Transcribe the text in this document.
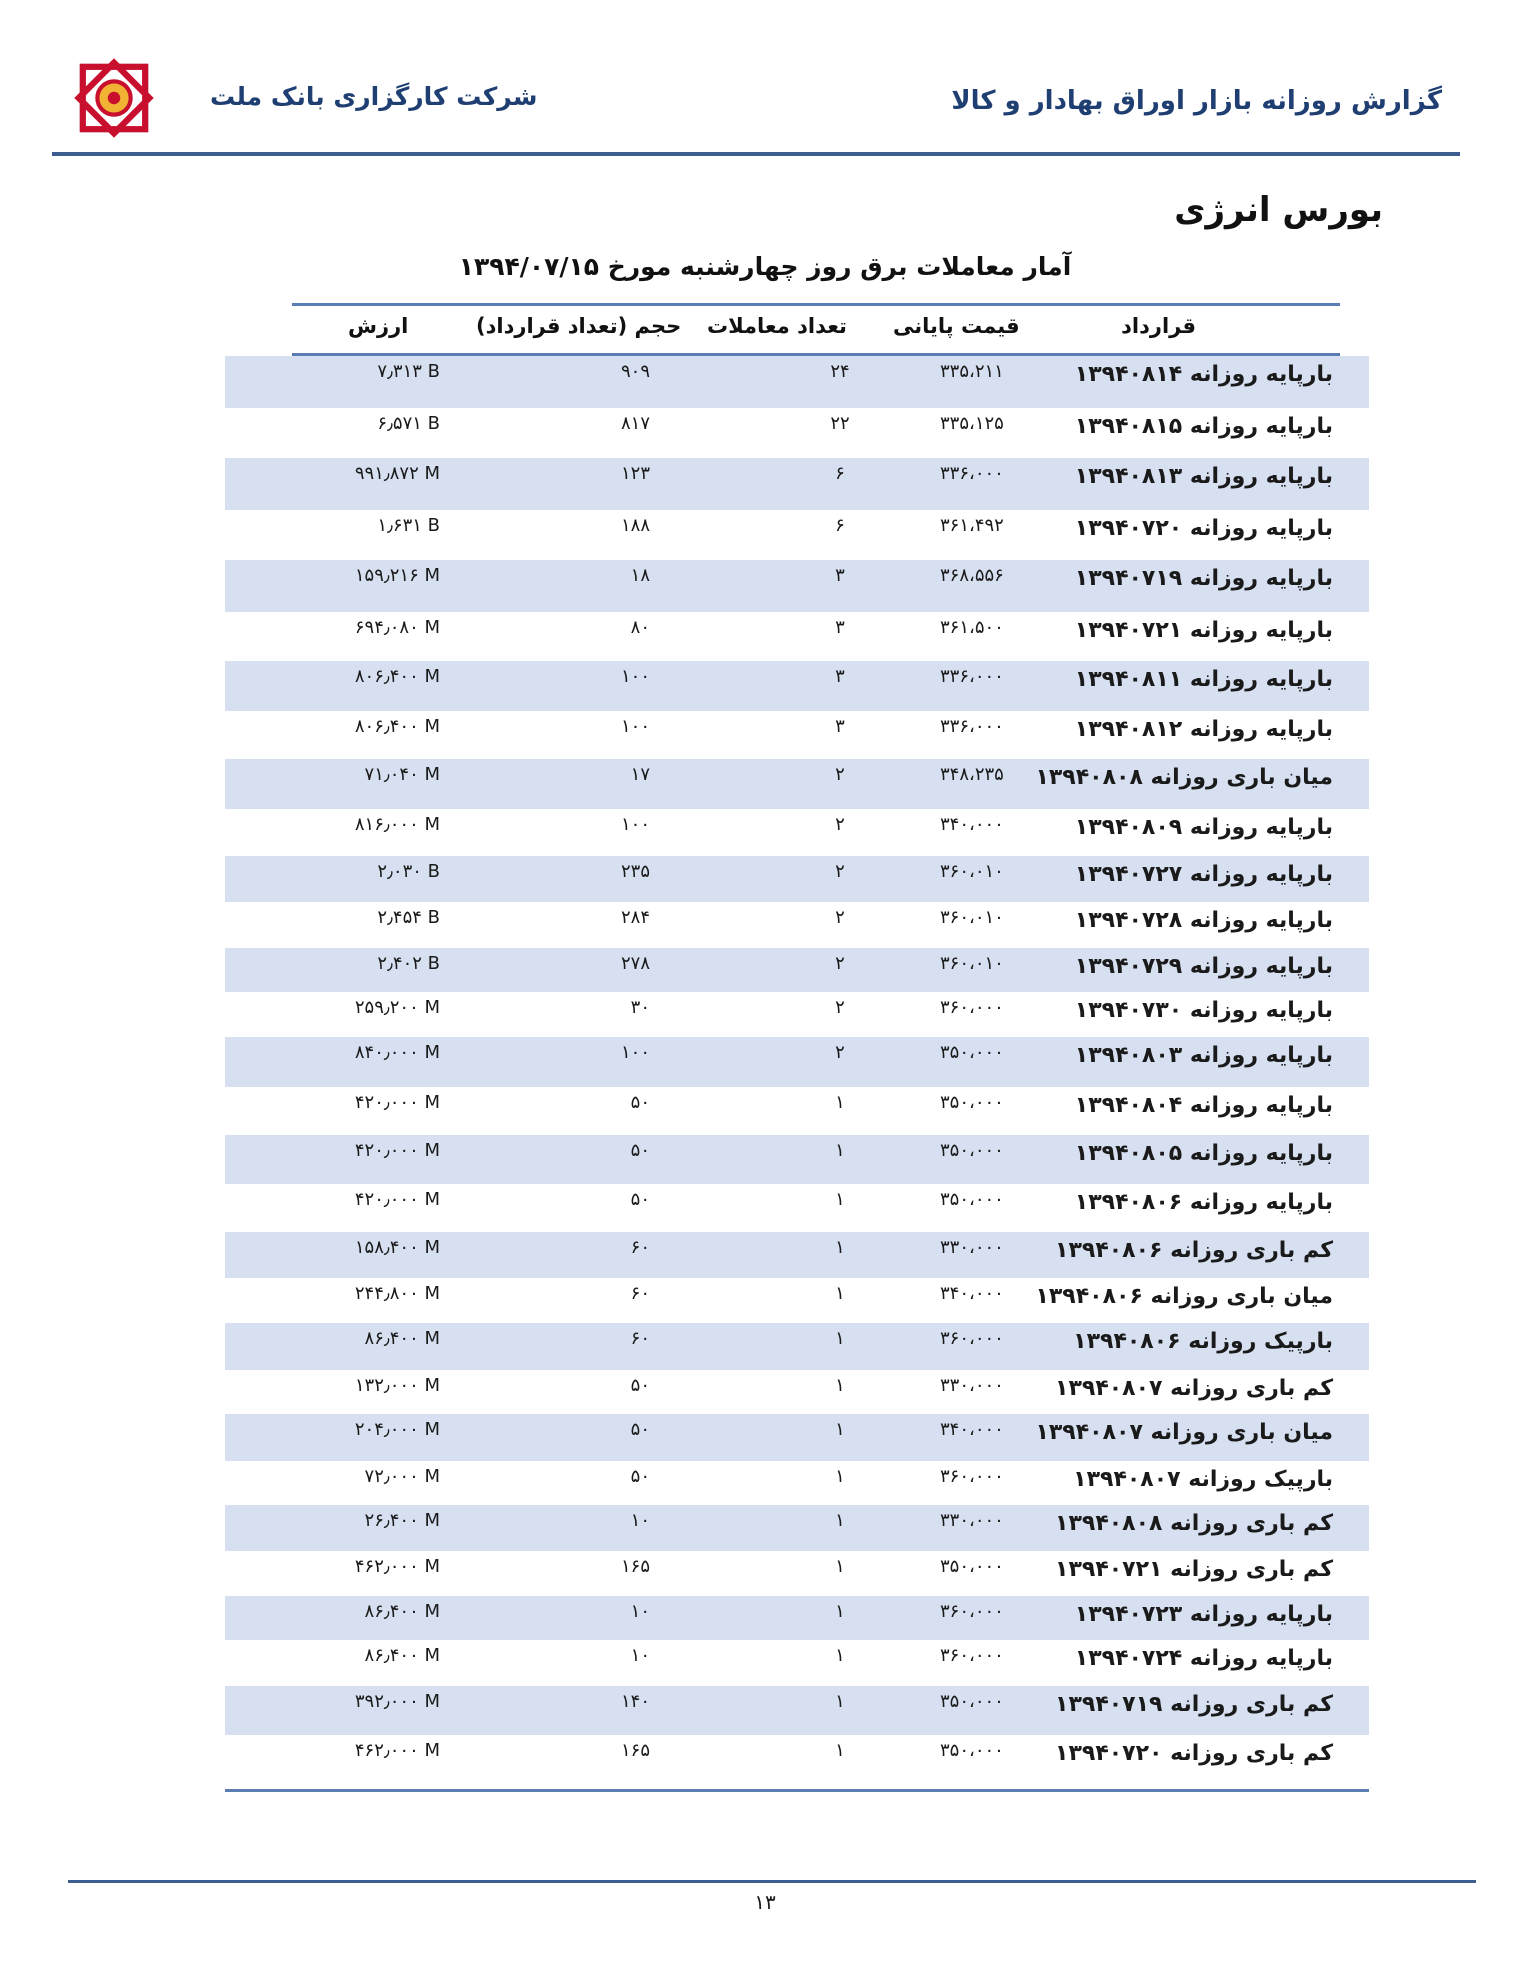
شرکت کارگزاری بانک ملت	گزارش روزانه بازار اوراق بهادار و کالا
بورس انرژی
آمار معاملات برق روز چهارشنبه مورخ ۱۳۹۴/۰۷/۱۵
قرارداد
قیمت پایانی
تعداد معاملات
حجم (تعداد قرارداد)
ارزش
بارپایه روزانه ۱۳۹۴۰۸۱۴
۳۳۵،۲۱۱
۲۴
۹۰۹
۷٫۳۱۳ B
بارپایه روزانه ۱۳۹۴۰۸۱۵
۳۳۵،۱۲۵
۲۲
۸۱۷
۶٫۵۷۱ B
بارپایه روزانه ۱۳۹۴۰۸۱۳
۳۳۶،۰۰۰
۶
۱۲۳
۹۹۱٫۸۷۲ M
بارپایه روزانه ۱۳۹۴۰۷۲۰
۳۶۱،۴۹۲
۶
۱۸۸
۱٫۶۳۱ B
بارپایه روزانه ۱۳۹۴۰۷۱۹
۳۶۸،۵۵۶
۳
۱۸
۱۵۹٫۲۱۶ M
بارپایه روزانه ۱۳۹۴۰۷۲۱
۳۶۱،۵۰۰
۳
۸۰
۶۹۴٫۰۸۰ M
بارپایه روزانه ۱۳۹۴۰۸۱۱
۳۳۶،۰۰۰
۳
۱۰۰
۸۰۶٫۴۰۰ M
بارپایه روزانه ۱۳۹۴۰۸۱۲
۳۳۶،۰۰۰
۳
۱۰۰
۸۰۶٫۴۰۰ M
میان باری روزانه ۱۳۹۴۰۸۰۸
۳۴۸،۲۳۵
۲
۱۷
۷۱٫۰۴۰ M
بارپایه روزانه ۱۳۹۴۰۸۰۹
۳۴۰،۰۰۰
۲
۱۰۰
۸۱۶٫۰۰۰ M
بارپایه روزانه ۱۳۹۴۰۷۲۷
۳۶۰،۰۱۰
۲
۲۳۵
۲٫۰۳۰ B
بارپایه روزانه ۱۳۹۴۰۷۲۸
۳۶۰،۰۱۰
۲
۲۸۴
۲٫۴۵۴ B
بارپایه روزانه ۱۳۹۴۰۷۲۹
۳۶۰،۰۱۰
۲
۲۷۸
۲٫۴۰۲ B
بارپایه روزانه ۱۳۹۴۰۷۳۰
۳۶۰،۰۰۰
۲
۳۰
۲۵۹٫۲۰۰ M
بارپایه روزانه ۱۳۹۴۰۸۰۳
۳۵۰،۰۰۰
۲
۱۰۰
۸۴۰٫۰۰۰ M
بارپایه روزانه ۱۳۹۴۰۸۰۴
۳۵۰،۰۰۰
۱
۵۰
۴۲۰٫۰۰۰ M
بارپایه روزانه ۱۳۹۴۰۸۰۵
۳۵۰،۰۰۰
۱
۵۰
۴۲۰٫۰۰۰ M
بارپایه روزانه ۱۳۹۴۰۸۰۶
۳۵۰،۰۰۰
۱
۵۰
۴۲۰٫۰۰۰ M
کم باری روزانه ۱۳۹۴۰۸۰۶
۳۳۰،۰۰۰
۱
۶۰
۱۵۸٫۴۰۰ M
میان باری روزانه ۱۳۹۴۰۸۰۶
۳۴۰،۰۰۰
۱
۶۰
۲۴۴٫۸۰۰ M
بارپیک روزانه ۱۳۹۴۰۸۰۶
۳۶۰،۰۰۰
۱
۶۰
۸۶٫۴۰۰ M
کم باری روزانه ۱۳۹۴۰۸۰۷
۳۳۰،۰۰۰
۱
۵۰
۱۳۲٫۰۰۰ M
میان باری روزانه ۱۳۹۴۰۸۰۷
۳۴۰،۰۰۰
۱
۵۰
۲۰۴٫۰۰۰ M
بارپیک روزانه ۱۳۹۴۰۸۰۷
۳۶۰،۰۰۰
۱
۵۰
۷۲٫۰۰۰ M
کم باری روزانه ۱۳۹۴۰۸۰۸
۳۳۰،۰۰۰
۱
۱۰
۲۶٫۴۰۰ M
کم باری روزانه ۱۳۹۴۰۷۲۱
۳۵۰،۰۰۰
۱
۱۶۵
۴۶۲٫۰۰۰ M
بارپایه روزانه ۱۳۹۴۰۷۲۳
۳۶۰،۰۰۰
۱
۱۰
۸۶٫۴۰۰ M
بارپایه روزانه ۱۳۹۴۰۷۲۴
۳۶۰،۰۰۰
۱
۱۰
۸۶٫۴۰۰ M
کم باری روزانه ۱۳۹۴۰۷۱۹
۳۵۰،۰۰۰
۱
۱۴۰
۳۹۲٫۰۰۰ M
کم باری روزانه ۱۳۹۴۰۷۲۰
۳۵۰،۰۰۰
۱
۱۶۵
۴۶۲٫۰۰۰ M
۱۳
